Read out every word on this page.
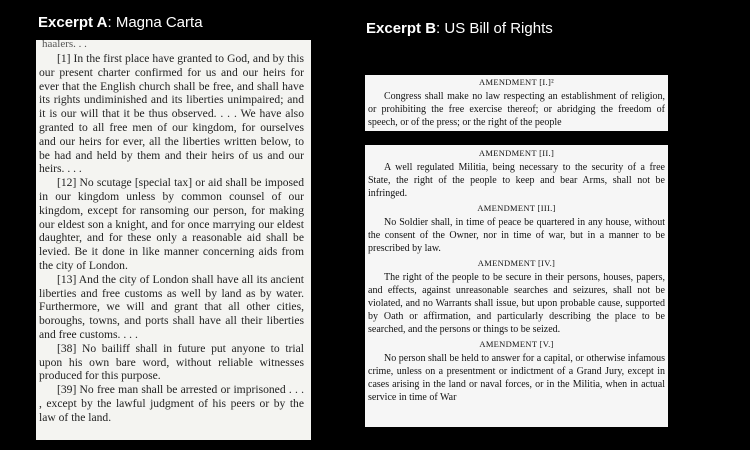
Excerpt A: Magna Carta	Excerpt B: US Bill of Rights
haalers. . .

[1] In the first place have granted to God, and by this our present charter confirmed for us and our heirs for ever that the English church shall be free, and shall have its rights undiminished and its liberties unimpaired; and it is our will that it be thus observed. . . . We have also granted to all free men of our kingdom, for ourselves and our heirs for ever, all the liberties written below, to be had and held by them and their heirs of us and our heirs. . . .

[12] No scutage [special tax] or aid shall be imposed in our kingdom unless by common counsel of our kingdom, except for ransoming our person, for making our eldest son a knight, and for once marrying our eldest daughter, and for these only a reasonable aid shall be levied. Be it done in like manner concerning aids from the city of London.

[13] And the city of London shall have all its ancient liberties and free customs as well by land as by water. Furthermore, we will and grant that all other cities, boroughs, towns, and ports shall have all their liberties and free customs. . . .

[38] No bailiff shall in future put anyone to trial upon his own bare word, without reliable witnesses produced for this purpose.

[39] No free man shall be arrested or imprisoned . . . , except by the lawful judgment of his peers or by the law of the land.

AMENDMENT [I.]²
Congress shall make no law respecting an establishment of religion, or prohibiting the free exercise thereof; or abridging the freedom of speech, or of the press; or the right of the people
AMENDMENT [II.]
A well regulated Militia, being necessary to the security of a free State, the right of the people to keep and bear Arms, shall not be infringed.
AMENDMENT [III.]
No Soldier shall, in time of peace be quartered in any house, without the consent of the Owner, nor in time of war, but in a manner to be prescribed by law.
AMENDMENT [IV.]
The right of the people to be secure in their persons, houses, papers, and effects, against unreasonable searches and seizures, shall not be violated, and no Warrants shall issue, but upon probable cause, supported by Oath or affirmation, and particularly describing the place to be searched, and the persons or things to be seized.
AMENDMENT [V.]
No person shall be held to answer for a capital, or otherwise infamous crime, unless on a presentment or indictment of a Grand Jury, except in cases arising in the land or naval forces, or in the Militia, when in actual service in time of War
